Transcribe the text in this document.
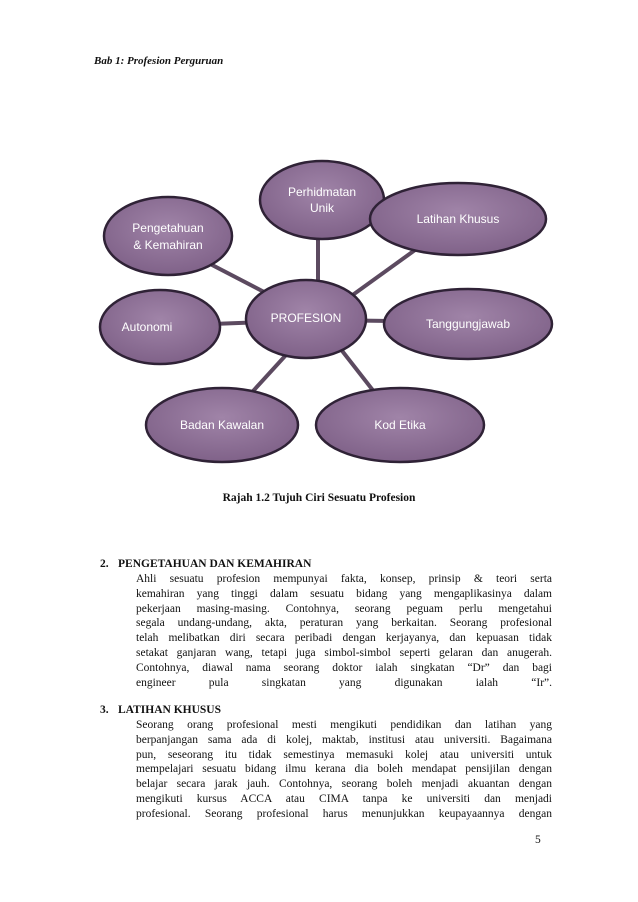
Bab 1: Profesion Perguruan
Perhidmatan
Unik
Latihan Khusus
Tanggungjawab
Kod Etika
Badan Kawalan
Autonomi
Pengetahuan
& Kemahiran
PROFESION
Rajah 1.2 Tujuh Ciri Sesuatu Profesion
2. PENGETAHUAN DAN KEMAHIRAN
Ahli sesuatu profesion mempunyai fakta, konsep, prinsip & teori serta
kemahiran yang tinggi dalam sesuatu bidang yang mengaplikasinya dalam
pekerjaan masing-masing. Contohnya, seorang peguam perlu mengetahui
segala undang-undang, akta, peraturan yang berkaitan. Seorang profesional
telah melibatkan diri secara peribadi dengan kerjayanya, dan kepuasan tidak
setakat ganjaran wang, tetapi juga simbol-simbol seperti gelaran dan anugerah.
Contohnya, diawal nama seorang doktor ialah singkatan “Dr” dan bagi
engineer pula singkatan yang digunakan ialah “Ir”.
3. LATIHAN KHUSUS
Seorang orang profesional mesti mengikuti pendidikan dan latihan yang
berpanjangan sama ada di kolej, maktab, institusi atau universiti. Bagaimana
pun, seseorang itu tidak semestinya memasuki kolej atau universiti untuk
mempelajari sesuatu bidang ilmu kerana dia boleh mendapat pensijilan dengan
belajar secara jarak jauh. Contohnya, seorang boleh menjadi akuantan dengan
mengikuti kursus ACCA atau CIMA tanpa ke universiti dan menjadi
profesional. Seorang profesional harus menunjukkan keupayaannya dengan
5
